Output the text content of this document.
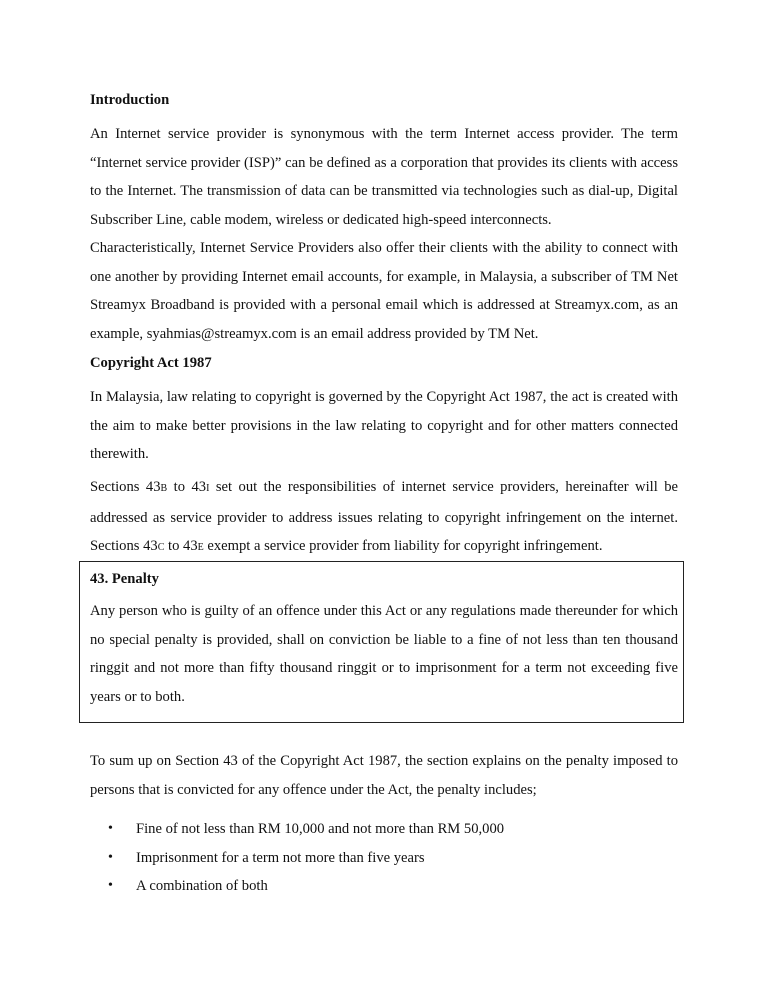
Introduction

An Internet service provider is synonymous with the term Internet access provider. The term “Internet service provider (ISP)” can be defined as a corporation that provides its clients with access to the Internet. The transmission of data can be transmitted via technologies such as dial-up, Digital Subscriber Line, cable modem, wireless or dedicated high-speed interconnects.

Characteristically, Internet Service Providers also offer their clients with the ability to connect with one another by providing Internet email accounts, for example, in Malaysia, a subscriber of TM Net Streamyx Broadband is provided with a personal email which is addressed at Streamyx.com, as an example, syahmias@streamyx.com is an email address provided by TM Net.

Copyright Act 1987

In Malaysia, law relating to copyright is governed by the Copyright Act 1987, the act is created with the aim to make better provisions in the law relating to copyright and for other matters connected therewith.

Sections 43B to 43I set out the responsibilities of internet service providers, hereinafter will be addressed as service provider to address issues relating to copyright infringement on the internet. Sections 43C to 43E exempt a service provider from liability for copyright infringement.

43. Penalty

Any person who is guilty of an offence under this Act or any regulations made thereunder for which no special penalty is provided, shall on conviction be liable to a fine of not less than ten thousand ringgit and not more than fifty thousand ringgit or to imprisonment for a term not exceeding five years or to both.

To sum up on Section 43 of the Copyright Act 1987, the section explains on the penalty imposed to persons that is convicted for any offence under the Act, the penalty includes;

• Fine of not less than RM 10,000 and not more than RM 50,000
• Imprisonment for a term not more than five years
• A combination of both
